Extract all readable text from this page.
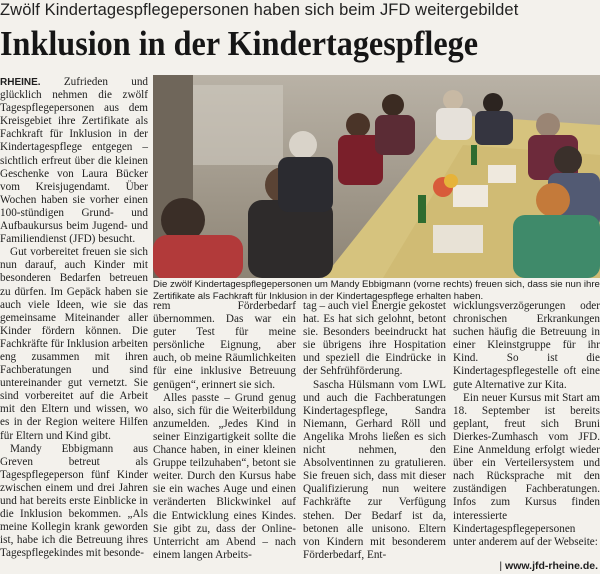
Zwölf Kindertagespflegepersonen haben sich beim JFD weitergebildet
Inklusion in der Kindertagespflege

RHEINE. Zufrieden und glücklich nehmen die zwölf Tagespflegepersonen aus dem Kreisgebiet ihre Zertifikate als Fachkraft für Inklusion in der Kindertagespflege entgegen – sichtlich erfreut über die kleinen Geschenke von Laura Bücker vom Kreisjugendamt. Über Wochen haben sie vorher einen 100-stündigen Grund- und Aufbaukursus beim Jugend- und Familiendienst (JFD) besucht.

Gut vorbereitet freuen sie sich nun darauf, auch Kinder mit besonderen Bedarfen betreuen zu dürfen. Im Gepäck haben sie auch viele Ideen, wie sie das gemeinsame Miteinander aller Kinder fördern können. Die Fachkräfte für Inklusion arbeiten eng zusammen mit ihren Fachberatungen und sind untereinander gut vernetzt. Sie sind vorbereitet auf die Arbeit mit den Eltern und wissen, wo es in der Region weitere Hilfen für Eltern und Kind gibt.

Mandy Ebbigmann aus Greven betreut als Tagespflegeperson fünf Kinder zwischen einem und drei Jahren und hat bereits erste Einblicke in die Inklusion bekommen. „Als meine Kollegin krank geworden ist, habe ich die Betreuung ihres Tagespflegekindes mit besonde-

Die zwölf Kindertagespflegepersonen um Mandy Ebbigmann (vorne rechts) freuen sich, dass sie nun ihre Zertifikate als Fachkraft für Inklusion in der Kindertagespflege erhalten haben.

rem Förderbedarf übernommen. Das war ein guter Test für meine persönliche Eignung, aber auch, ob meine Räumlichkeiten für eine inklusive Betreuung genügen“, erinnert sie sich.

Alles passte – Grund genug also, sich für die Weiterbildung anzumelden. „Jedes Kind in seiner Einzigartigkeit sollte die Chance haben, in einer kleinen Gruppe teilzuhaben“, betont sie weiter. Durch den Kursus habe sie ein waches Auge und einen veränderten Blickwinkel auf die Entwicklung eines Kindes. Sie gibt zu, dass der Online-Unterricht am Abend – nach einem langen Arbeits-

tag – auch viel Energie gekostet hat. Es hat sich gelohnt, betont sie. Besonders beeindruckt hat sie übrigens ihre Hospitation und speziell die Eindrücke in der Sehfrühförderung.

Sascha Hülsmann vom LWL und auch die Fachberatungen Kindertagespflege, Sandra Niemann, Gerhard Röll und Angelika Mrohs ließen es sich nicht nehmen, den Absolventinnen zu gratulieren. Sie freuen sich, dass mit dieser Qualifizierung nun weitere Fachkräfte zur Verfügung stehen. Der Bedarf ist da, betonen alle unisono. Eltern von Kindern mit besonderem Förderbedarf, Ent-

wicklungsverzögerungen oder chronischen Erkrankungen suchen häufig die Betreuung in einer Kleinstgruppe für ihr Kind. So ist die Kindertagespflegestelle oft eine gute Alternative zur Kita.

Ein neuer Kursus mit Start am 18. September ist bereits geplant, freut sich Bruni Dierkes-Zumhasch vom JFD. Eine Anmeldung erfolgt wieder über ein Verteilersystem und nach Rücksprache mit den zuständigen Fachberatungen. Infos zum Kursus finden interessierte Kindertagespflegepersonen unter anderem auf der Webseite:

| www.jfd-rheine.de.
